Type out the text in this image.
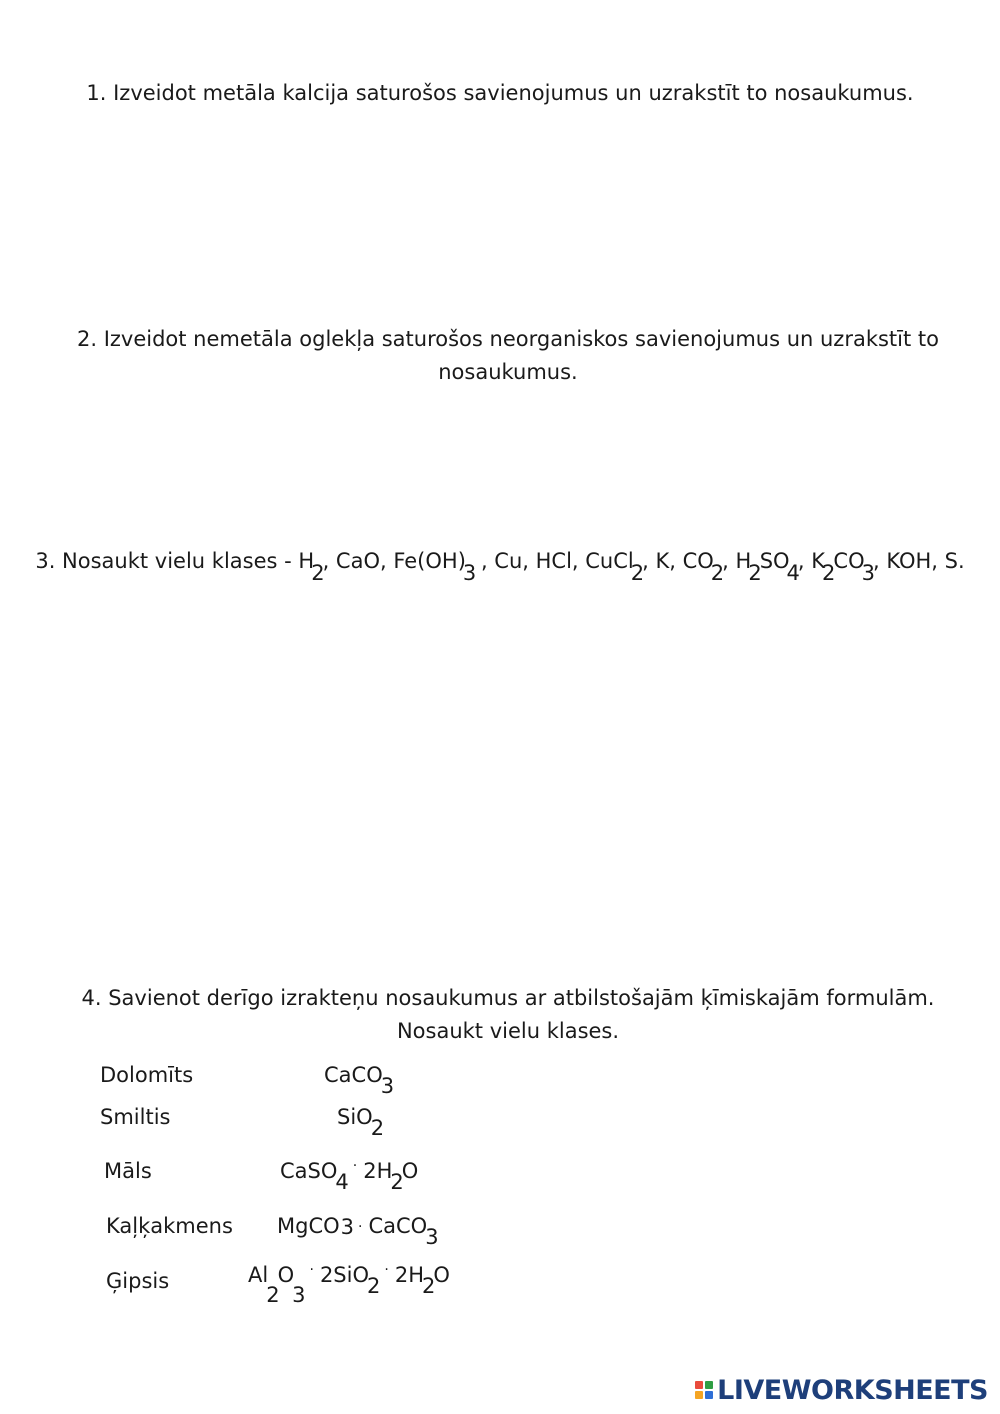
1. Izveidot metāla kalcija saturošos savienojumus un uzrakstīt to nosaukumus.
2. Izveidot nemetāla oglekļa saturošos neorganiskos savienojumus un uzrakstīt to nosaukumus.
3. Nosaukt vielu klases - H2, CaO, Fe(OH)3 , Cu, HCl, CuCl2, K, CO2, H2SO4, K2CO3, KOH, S.
4. Savienot derīgo izrakteņu nosaukumus ar atbilstošajām ķīmiskajām formulām. Nosaukt vielu klases.
Dolomīts
Smiltis
Māls
Kaļķakmens
Ģipsis
CaCO3
SiO2
CaSO4· 2H2O
MgCO3 · CaCO3
Al2O3· 2SiO2· 2H2O
LIVEWORKSHEETS
